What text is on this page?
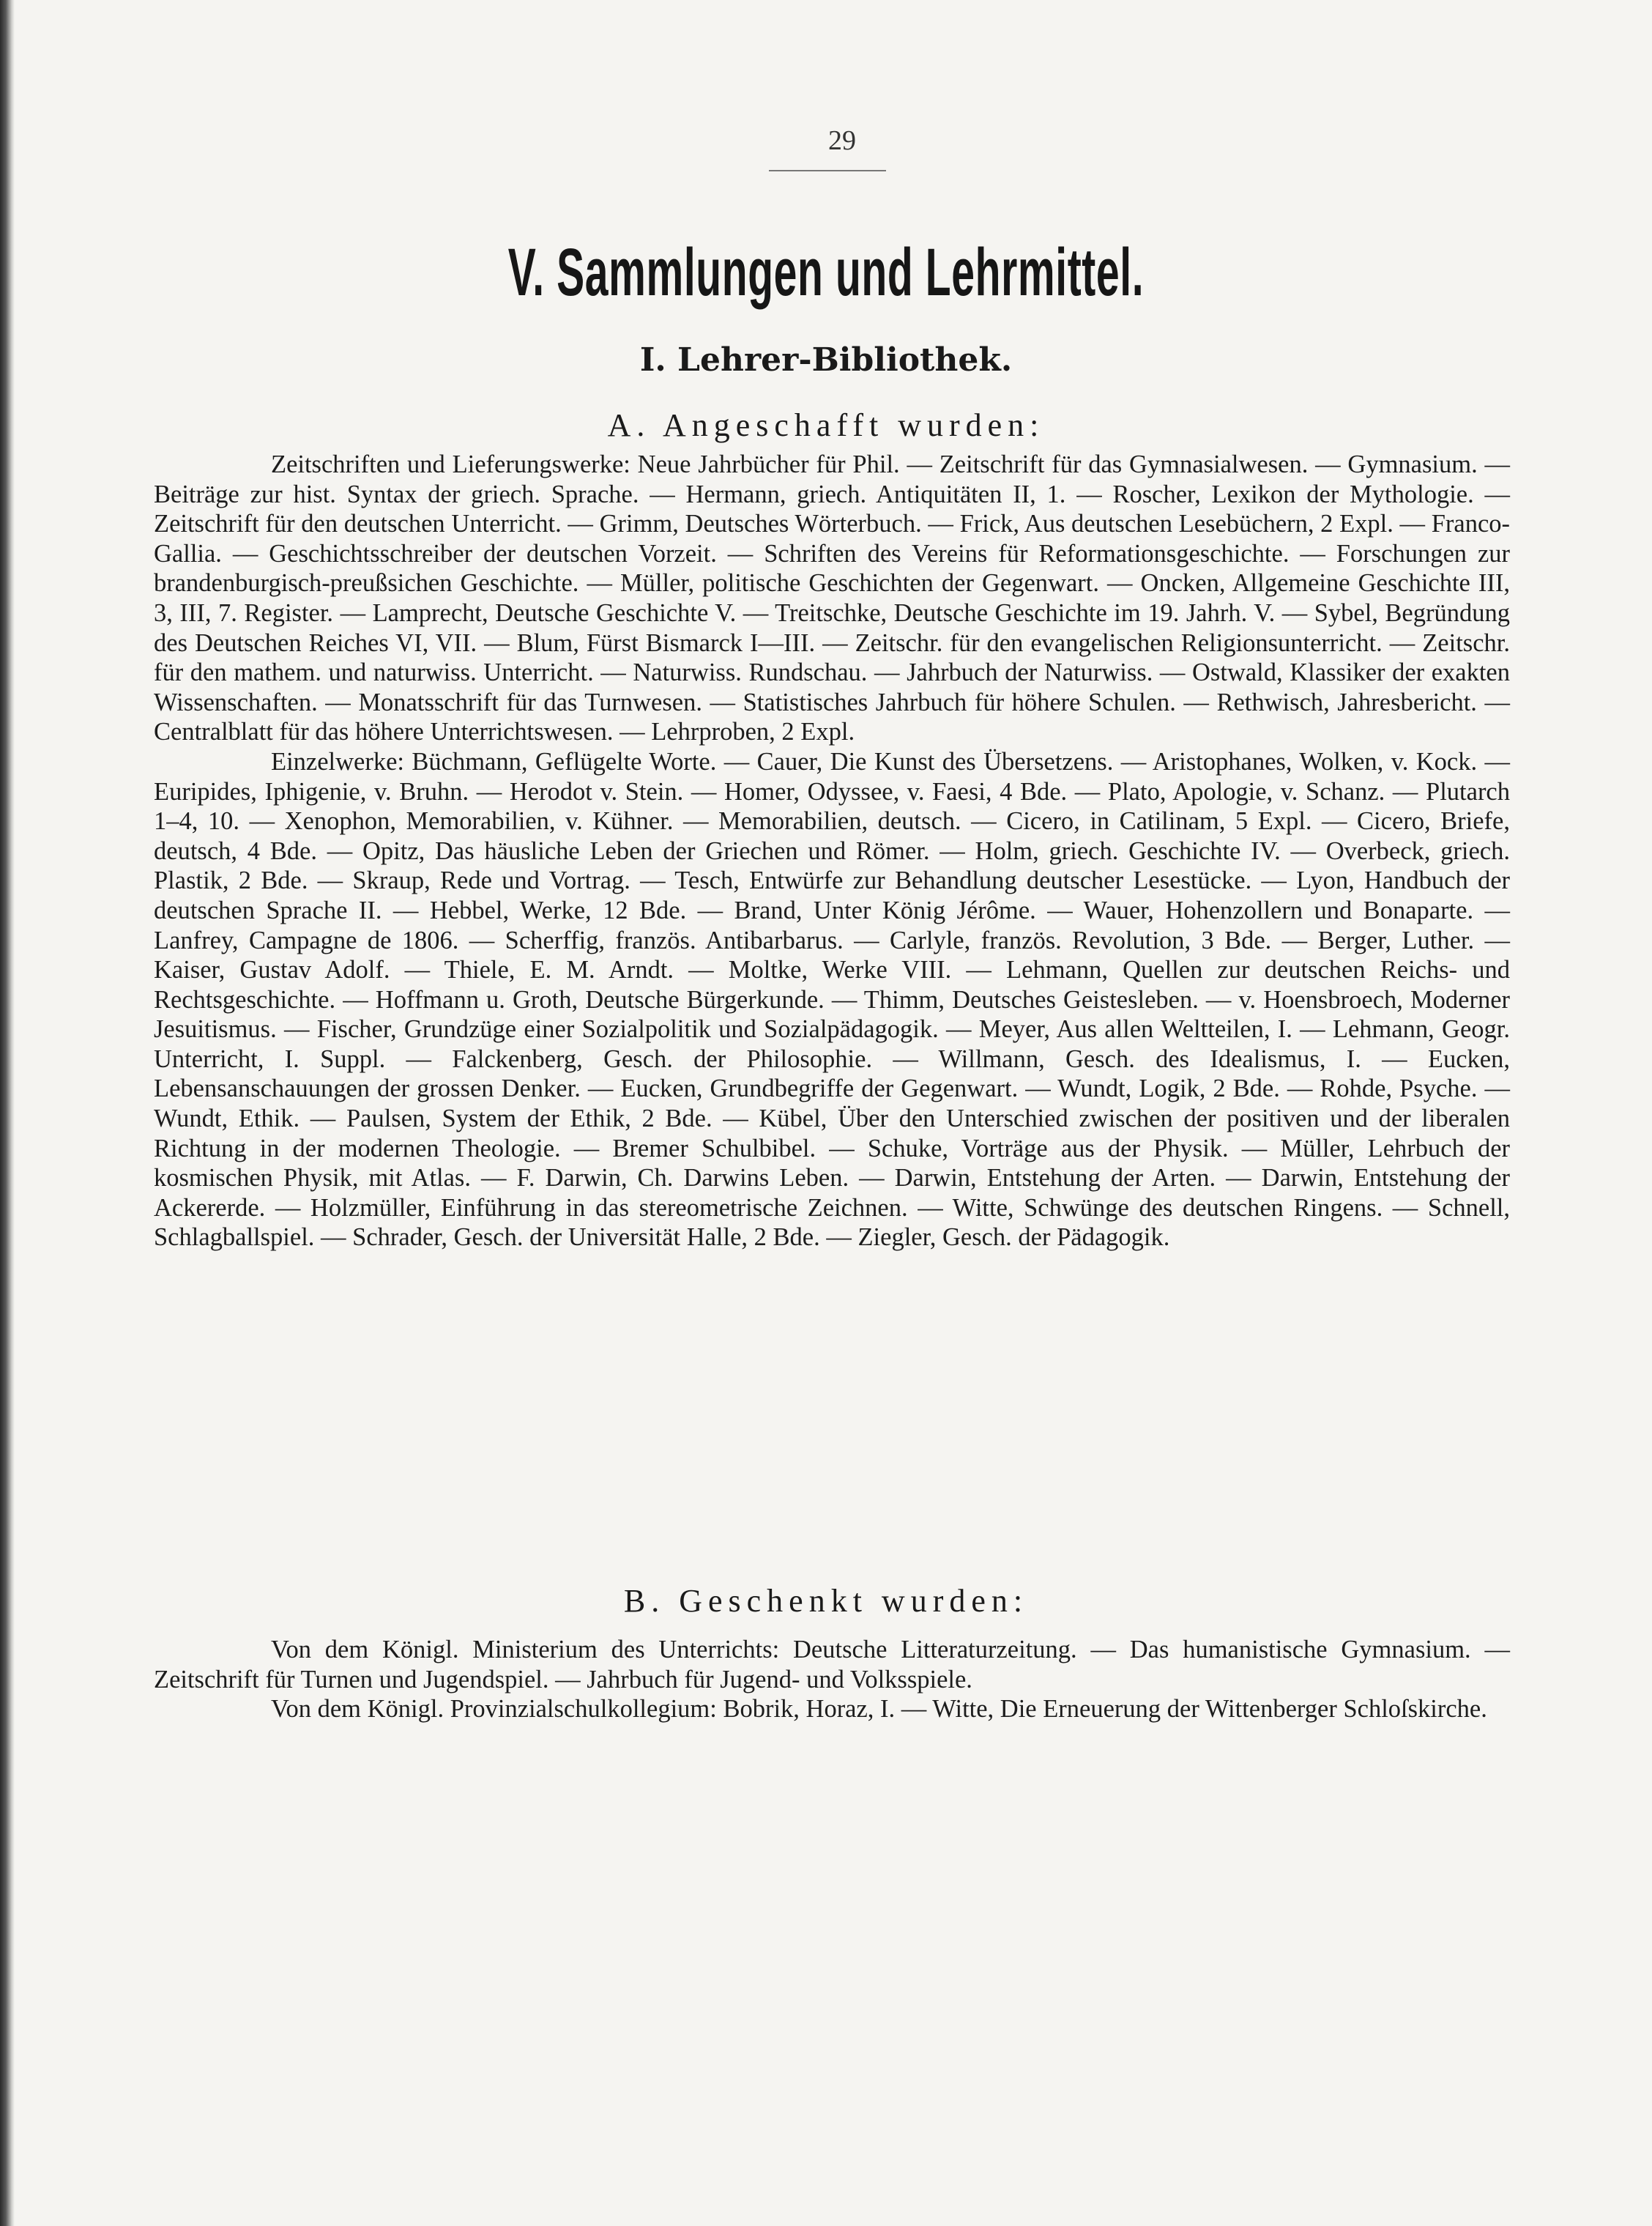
29
V. Sammlungen und Lehrmittel.
I. Lehrer-Bibliothek.
A. Angeschafft wurden:

Zeitschriften und Lieferungswerke: Neue Jahrbücher für Phil. — Zeitschrift für das Gymnasialwesen. — Gymnasium. — Beiträge zur hist. Syntax der griech. Sprache. — Hermann, griech. Antiquitäten II, 1. — Roscher, Lexikon der Mythologie. — Zeitschrift für den deutschen Unterricht. — Grimm, Deutsches Wörterbuch. — Frick, Aus deutschen Lesebüchern, 2 Expl. — Franco-Gallia. — Geschichtsschreiber der deutschen Vorzeit. — Schriften des Vereins für Reformationsgeschichte. — Forschungen zur brandenburgisch-preußsichen Geschichte. — Müller, politische Geschichten der Gegenwart. — Oncken, Allgemeine Geschichte III, 3, III, 7. Register. — Lamprecht, Deutsche Geschichte V. — Treitschke, Deutsche Geschichte im 19. Jahrh. V. — Sybel, Begründung des Deutschen Reiches VI, VII. — Blum, Fürst Bismarck I—III. — Zeitschr. für den evangelischen Religionsunterricht. — Zeitschr. für den mathem. und naturwiss. Unterricht. — Naturwiss. Rundschau. — Jahrbuch der Naturwiss. — Ostwald, Klassiker der exakten Wissenschaften. — Monatsschrift für das Turnwesen. — Statistisches Jahrbuch für höhere Schulen. — Rethwisch, Jahresbericht. — Centralblatt für das höhere Unterrichtswesen. — Lehrproben, 2 Expl.

Einzelwerke: Büchmann, Geflügelte Worte. — Cauer, Die Kunst des Übersetzens. — Aristophanes, Wolken, v. Kock. — Euripides, Iphigenie, v. Bruhn. — Herodot v. Stein. — Homer, Odyssee, v. Faesi, 4 Bde. — Plato, Apologie, v. Schanz. — Plutarch 1–4, 10. — Xenophon, Memorabilien, v. Kühner. — Memorabilien, deutsch. — Cicero, in Catilinam, 5 Expl. — Cicero, Briefe, deutsch, 4 Bde. — Opitz, Das häusliche Leben der Griechen und Römer. — Holm, griech. Geschichte IV. — Overbeck, griech. Plastik, 2 Bde. — Skraup, Rede und Vortrag. — Tesch, Entwürfe zur Behandlung deutscher Lesestücke. — Lyon, Handbuch der deutschen Sprache II. — Hebbel, Werke, 12 Bde. — Brand, Unter König Jérôme. — Wauer, Hohenzollern und Bonaparte. — Lanfrey, Campagne de 1806. — Scherffig, französ. Antibarbarus. — Carlyle, französ. Revolution, 3 Bde. — Berger, Luther. — Kaiser, Gustav Adolf. — Thiele, E. M. Arndt. — Moltke, Werke VIII. — Lehmann, Quellen zur deutschen Reichs- und Rechtsgeschichte. — Hoffmann u. Groth, Deutsche Bürgerkunde. — Thimm, Deutsches Geistesleben. — v. Hoensbroech, Moderner Jesuitismus. — Fischer, Grundzüge einer Sozialpolitik und Sozialpädagogik. — Meyer, Aus allen Weltteilen, I. — Lehmann, Geogr. Unterricht, I. Suppl. — Falckenberg, Gesch. der Philosophie. — Willmann, Gesch. des Idealismus, I. — Eucken, Lebensanschauungen der grossen Denker. — Eucken, Grundbegriffe der Gegenwart. — Wundt, Logik, 2 Bde. — Rohde, Psyche. — Wundt, Ethik. — Paulsen, System der Ethik, 2 Bde. — Kübel, Über den Unterschied zwischen der positiven und der liberalen Richtung in der modernen Theologie. — Bremer Schulbibel. — Schuke, Vorträge aus der Physik. — Müller, Lehrbuch der kosmischen Physik, mit Atlas. — F. Darwin, Ch. Darwins Leben. — Darwin, Entstehung der Arten. — Darwin, Entstehung der Ackererde. — Holzmüller, Einführung in das stereometrische Zeichnen. — Witte, Schwünge des deutschen Ringens. — Schnell, Schlagballspiel. — Schrader, Gesch. der Universität Halle, 2 Bde. — Ziegler, Gesch. der Pädagogik.

B. Geschenkt wurden:

Von dem Königl. Ministerium des Unterrichts: Deutsche Litteraturzeitung. — Das humanistische Gymnasium. — Zeitschrift für Turnen und Jugendspiel. — Jahrbuch für Jugend- und Volksspiele.

Von dem Königl. Provinzialschulkollegium: Bobrik, Horaz, I. — Witte, Die Erneuerung der Wittenberger Schloſskirche.
